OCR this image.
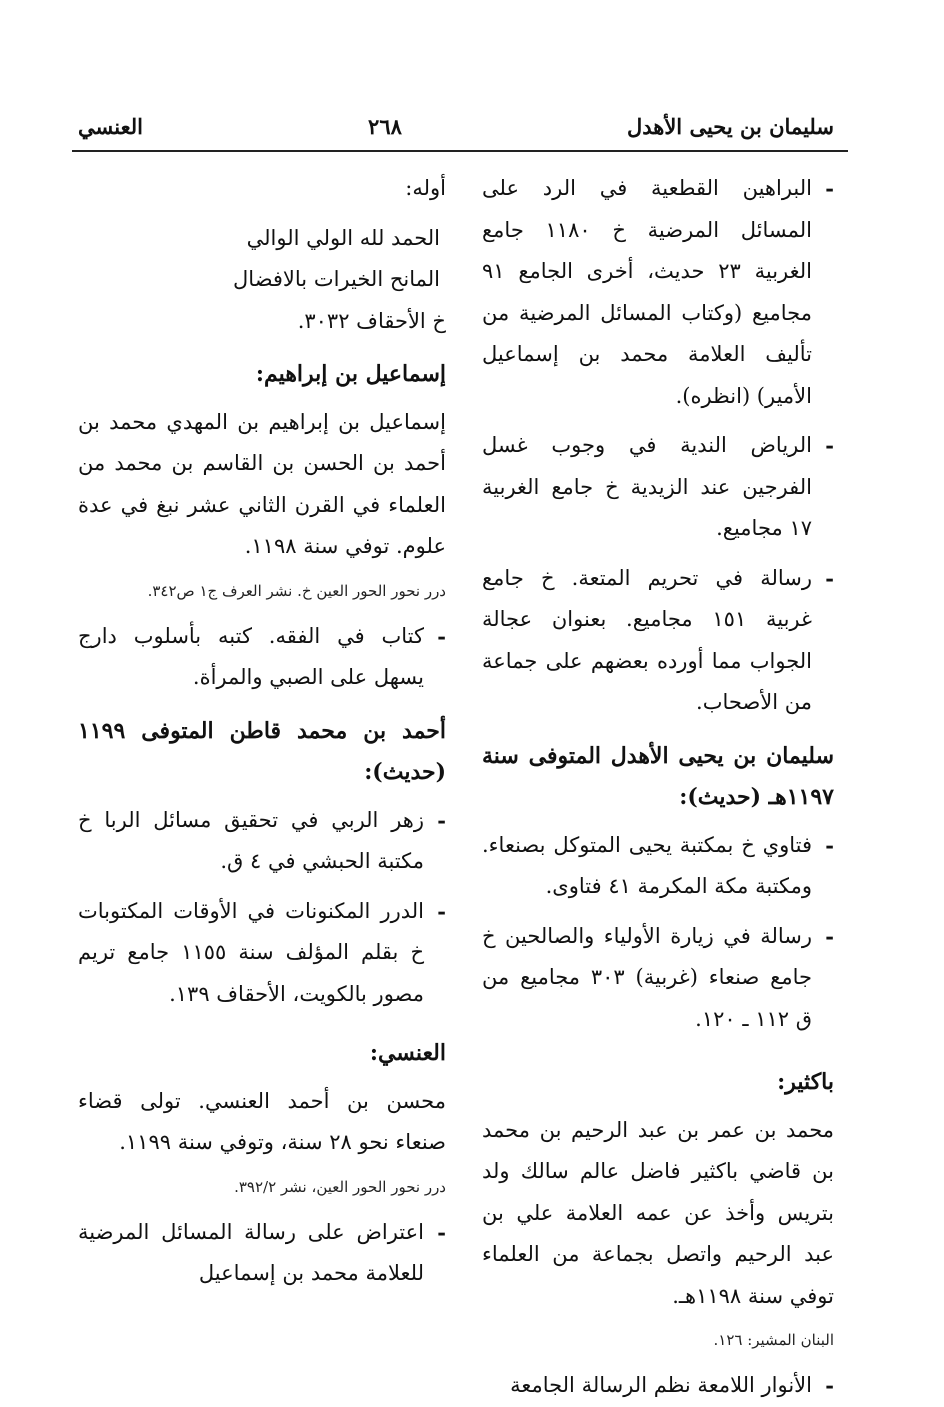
سليمان بن يحيى الأهدل
٢٦٨
العنسي
- البراهين القطعية في الرد على المسائل المرضية خ ١١٨٠ جامع الغربية ٢٣ حديث، أخرى الجامع ٩١ مجاميع (وكتاب المسائل المرضية من تأليف العلامة محمد بن إسماعيل الأمير) (انظره).
- الرياض الندية في وجوب غسل الفرجين عند الزيدية خ جامع الغربية ١٧ مجاميع.
- رسالة في تحريم المتعة. خ جامع غربية ١٥١ مجاميع. بعنوان عجالة الجواب مما أورده بعضهم على جماعة من الأصحاب.
سليمان بن يحيى الأهدل المتوفى سنة ١١٩٧هـ (حديث):
- فتاوي خ بمكتبة يحيى المتوكل بصنعاء. ومكتبة مكة المكرمة ٤١ فتاوى.
- رسالة في زيارة الأولياء والصالحين خ جامع صنعاء (غربية) ٣٠٣ مجاميع من ق ١١٢ ـ ١٢٠.
باكثير:
محمد بن عمر بن عبد الرحيم بن محمد بن قاضي باكثير فاضل عالم سالك ولد بتريس وأخذ عن عمه العلامة علي بن عبد الرحيم واتصل بجماعة من العلماء توفي سنة ١١٩٨هـ.
البنان المشير: ١٢٦.
- الأنوار اللامعة نظم الرسالة الجامعة
أوله:
الحمد لله الولي الوالي
المانح الخيرات بالافضال
خ الأحقاف ٣٠٣٢.
إسماعيل بن إبراهيم:
إسماعيل بن إبراهيم بن المهدي محمد بن أحمد بن الحسن بن القاسم بن محمد من العلماء في القرن الثاني عشر نبغ في عدة علوم. توفي سنة ١١٩٨.
درر نحور الحور العين خ. نشر العرف ج١ ص٣٤٢.
- كتاب في الفقه. كتبه بأسلوب دارج يسهل على الصبي والمرأة.
أحمد بن محمد قاطن المتوفى ١١٩٩ (حديث):
- زهر الربي في تحقيق مسائل الربا خ مكتبة الحبشي في ٤ ق.
- الدرر المكنونات في الأوقات المكتوبات خ بقلم المؤلف سنة ١١٥٥ جامع تريم مصور بالكويت، الأحقاف ١٣٩.
العنسي:
محسن بن أحمد العنسي. تولى قضاء صنعاء نحو ٢٨ سنة، وتوفي سنة ١١٩٩.
درر نحور الحور العين، نشر ٣٩٢/٢.
- اعتراض على رسالة المسائل المرضية للعلامة محمد بن إسماعيل
